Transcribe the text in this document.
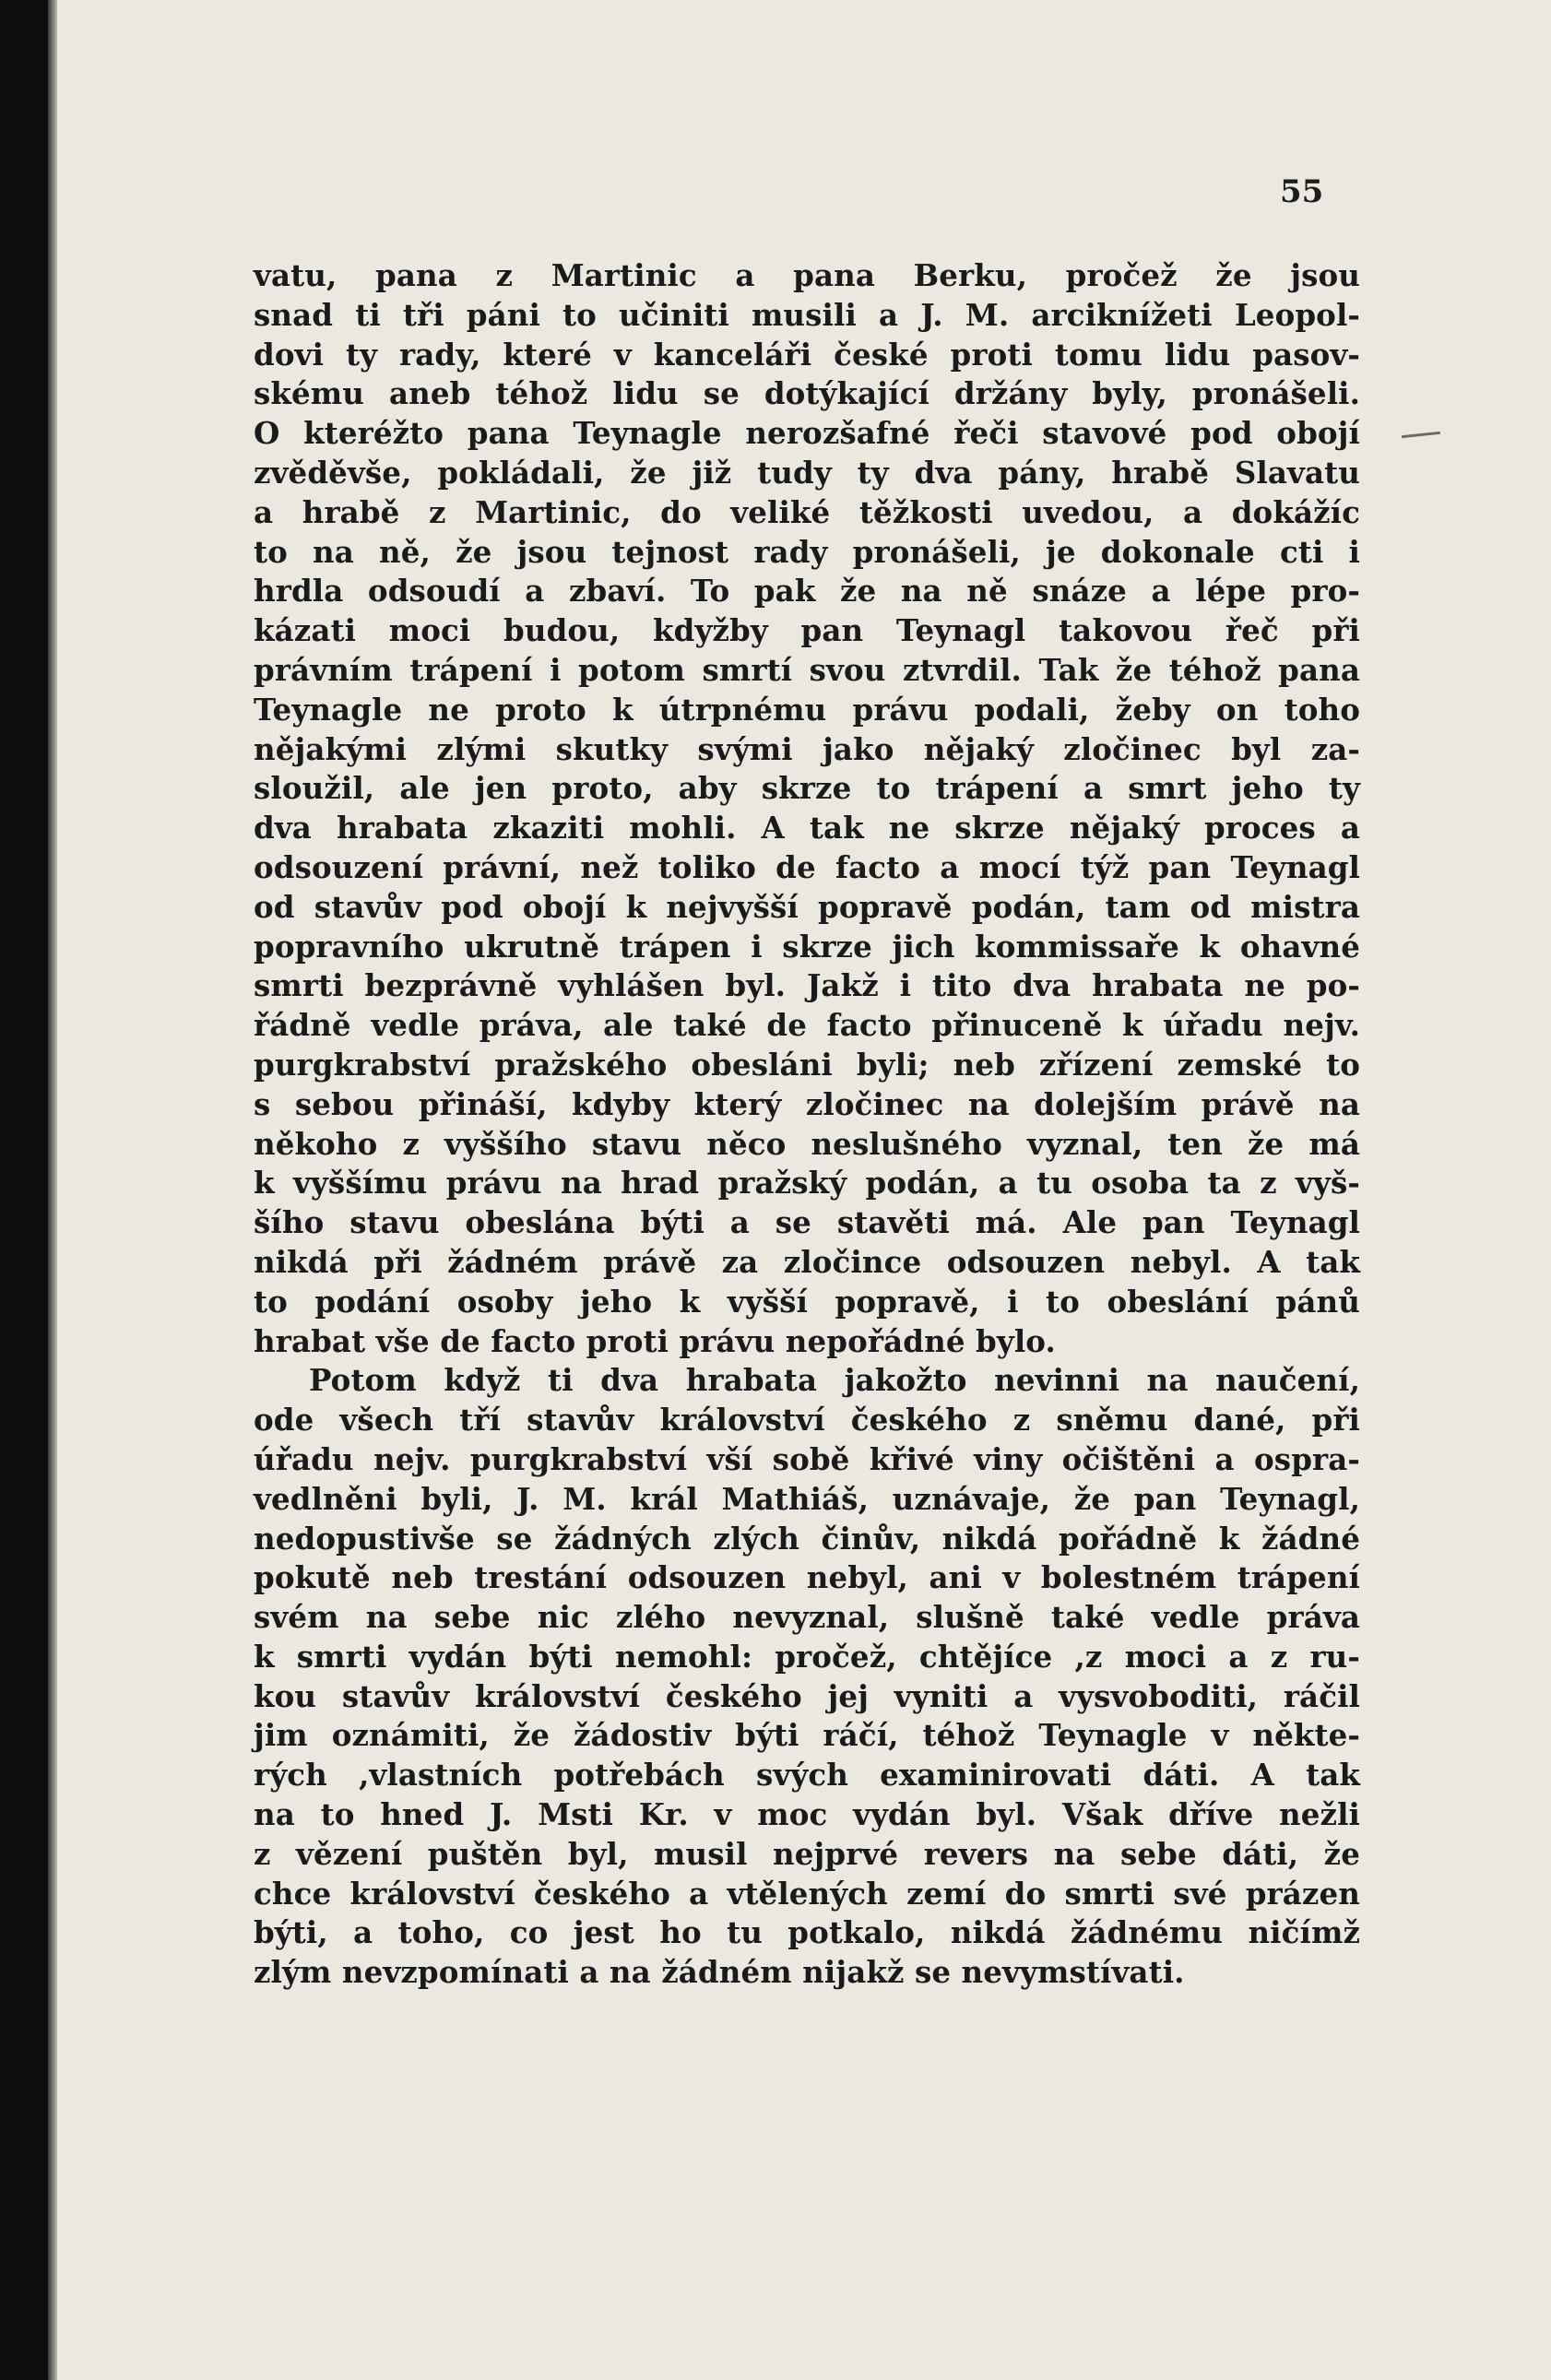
55
vatu, pana z Martinic a pana Berku, pročež že jsou
snad ti tři páni to učiniti musili a J. M. arciknížeti Leopol-
dovi ty rady, které v kanceláři české proti tomu lidu pasov-
skému aneb téhož lidu se dotýkající držány byly, pronášeli.
O kteréžto pana Teynagle nerozšafné řeči stavové pod obojí
zvěděvše, pokládali, že již tudy ty dva pány, hrabě Slavatu
a hrabě z Martinic, do veliké těžkosti uvedou, a dokážíc
to na ně, že jsou tejnost rady pronášeli, je dokonale cti i
hrdla odsoudí a zbaví. To pak že na ně snáze a lépe pro-
kázati moci budou, kdyžby pan Teynagl takovou řeč při
právním trápení i potom smrtí svou ztvrdil. Tak že téhož pana
Teynagle ne proto k útrpnému právu podali, žeby on toho
nějakými zlými skutky svými jako nějaký zločinec byl za-
sloužil, ale jen proto, aby skrze to trápení a smrt jeho ty
dva hrabata zkaziti mohli. A tak ne skrze nějaký proces a
odsouzení právní, než toliko de facto a mocí týž pan Teynagl
od stavův pod obojí k nejvyšší popravě podán, tam od mistra
popravního ukrutně trápen i skrze jich kommissaře k ohavné
smrti bezprávně vyhlášen byl. Jakž i tito dva hrabata ne po-
řádně vedle práva, ale také de facto přinuceně k úřadu nejv.
purgkrabství pražského obesláni byli; neb zřízení zemské to
s sebou přináší, kdyby který zločinec na dolejším právě na
někoho z vyššího stavu něco neslušného vyznal, ten že má
k vyššímu právu na hrad pražský podán, a tu osoba ta z vyš-
šího stavu obeslána býti a se stavěti má. Ale pan Teynagl
nikdá při žádném právě za zločince odsouzen nebyl. A tak
to podání osoby jeho k vyšší popravě, i to obeslání pánů
hrabat vše de facto proti právu nepořádné bylo.
Potom když ti dva hrabata jakožto nevinni na naučení,
ode všech tří stavův království českého z sněmu dané, při
úřadu nejv. purgkrabství vší sobě křivé viny očištěni a ospra-
vedlněni byli, J. M. král Mathiáš, uznávaje, že pan Teynagl,
nedopustivše se žádných zlých činův, nikdá pořádně k žádné
pokutě neb trestání odsouzen nebyl, ani v bolestném trápení
svém na sebe nic zlého nevyznal, slušně také vedle práva
k smrti vydán býti nemohl: pročež, chtějíce ,z moci a z ru-
kou stavův království českého jej vyniti a vysvoboditi, ráčil
jim oznámiti, že žádostiv býti ráčí, téhož Teynagle v někte-
rých ,vlastních potřebách svých examinirovati dáti. A tak
na to hned J. Msti Kr. v moc vydán byl. Však dříve nežli
z vězení puštěn byl, musil nejprvé revers na sebe dáti, že
chce království českého a vtělených zemí do smrti své prázen
býti, a toho, co jest ho tu potkalo, nikdá žádnému ničímž
zlým nevzpomínati a na žádném nijakž se nevymstívati.
